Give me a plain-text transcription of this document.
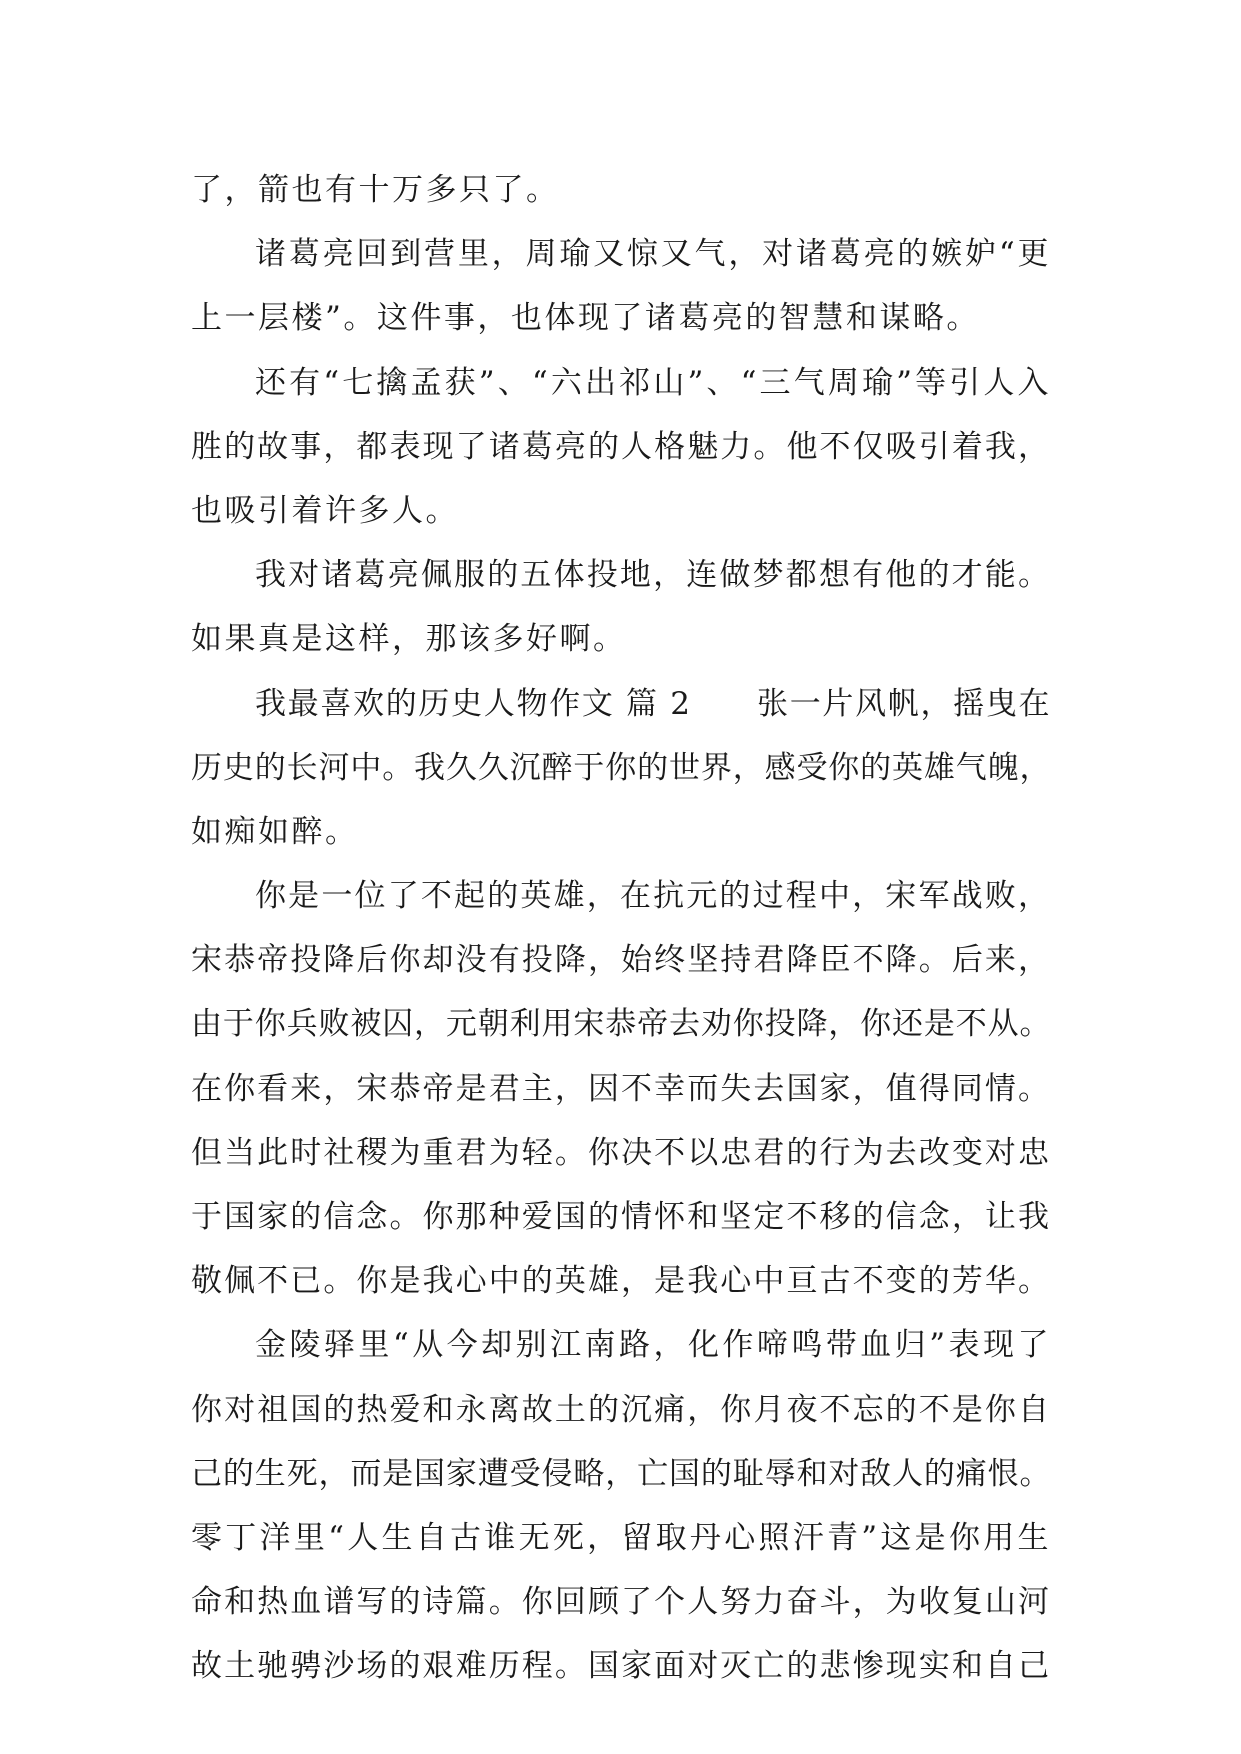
了，箭也有十万多只了。
诸葛亮回到营里，周瑜又惊又气，对诸葛亮的嫉妒“更
上一层楼”。这件事，也体现了诸葛亮的智慧和谋略。
还有“七擒孟获”、“六出祁山”、“三气周瑜”等引人入
胜的故事，都表现了诸葛亮的人格魅力。他不仅吸引着我，
也吸引着许多人。
我对诸葛亮佩服的五体投地，连做梦都想有他的才能。
如果真是这样，那该多好啊。
我最喜欢的历史人物作文 篇 2　　张一片风帆，摇曳在
历史的长河中。我久久沉醉于你的世界，感受你的英雄气魄，
如痴如醉。
你是一位了不起的英雄，在抗元的过程中，宋军战败，
宋恭帝投降后你却没有投降，始终坚持君降臣不降。后来，
由于你兵败被囚，元朝利用宋恭帝去劝你投降，你还是不从。
在你看来，宋恭帝是君主，因不幸而失去国家，值得同情。
但当此时社稷为重君为轻。你决不以忠君的行为去改变对忠
于国家的信念。你那种爱国的情怀和坚定不移的信念，让我
敬佩不已。你是我心中的英雄，是我心中亘古不变的芳华。
金陵驿里“从今却别江南路，化作啼鸣带血归”表现了
你对祖国的热爱和永离故土的沉痛，你月夜不忘的不是你自
己的生死，而是国家遭受侵略，亡国的耻辱和对敌人的痛恨。
零丁洋里“人生自古谁无死，留取丹心照汗青”这是你用生
命和热血谱写的诗篇。你回顾了个人努力奋斗，为收复山河
故土驰骋沙场的艰难历程。国家面对灭亡的悲惨现实和自己
